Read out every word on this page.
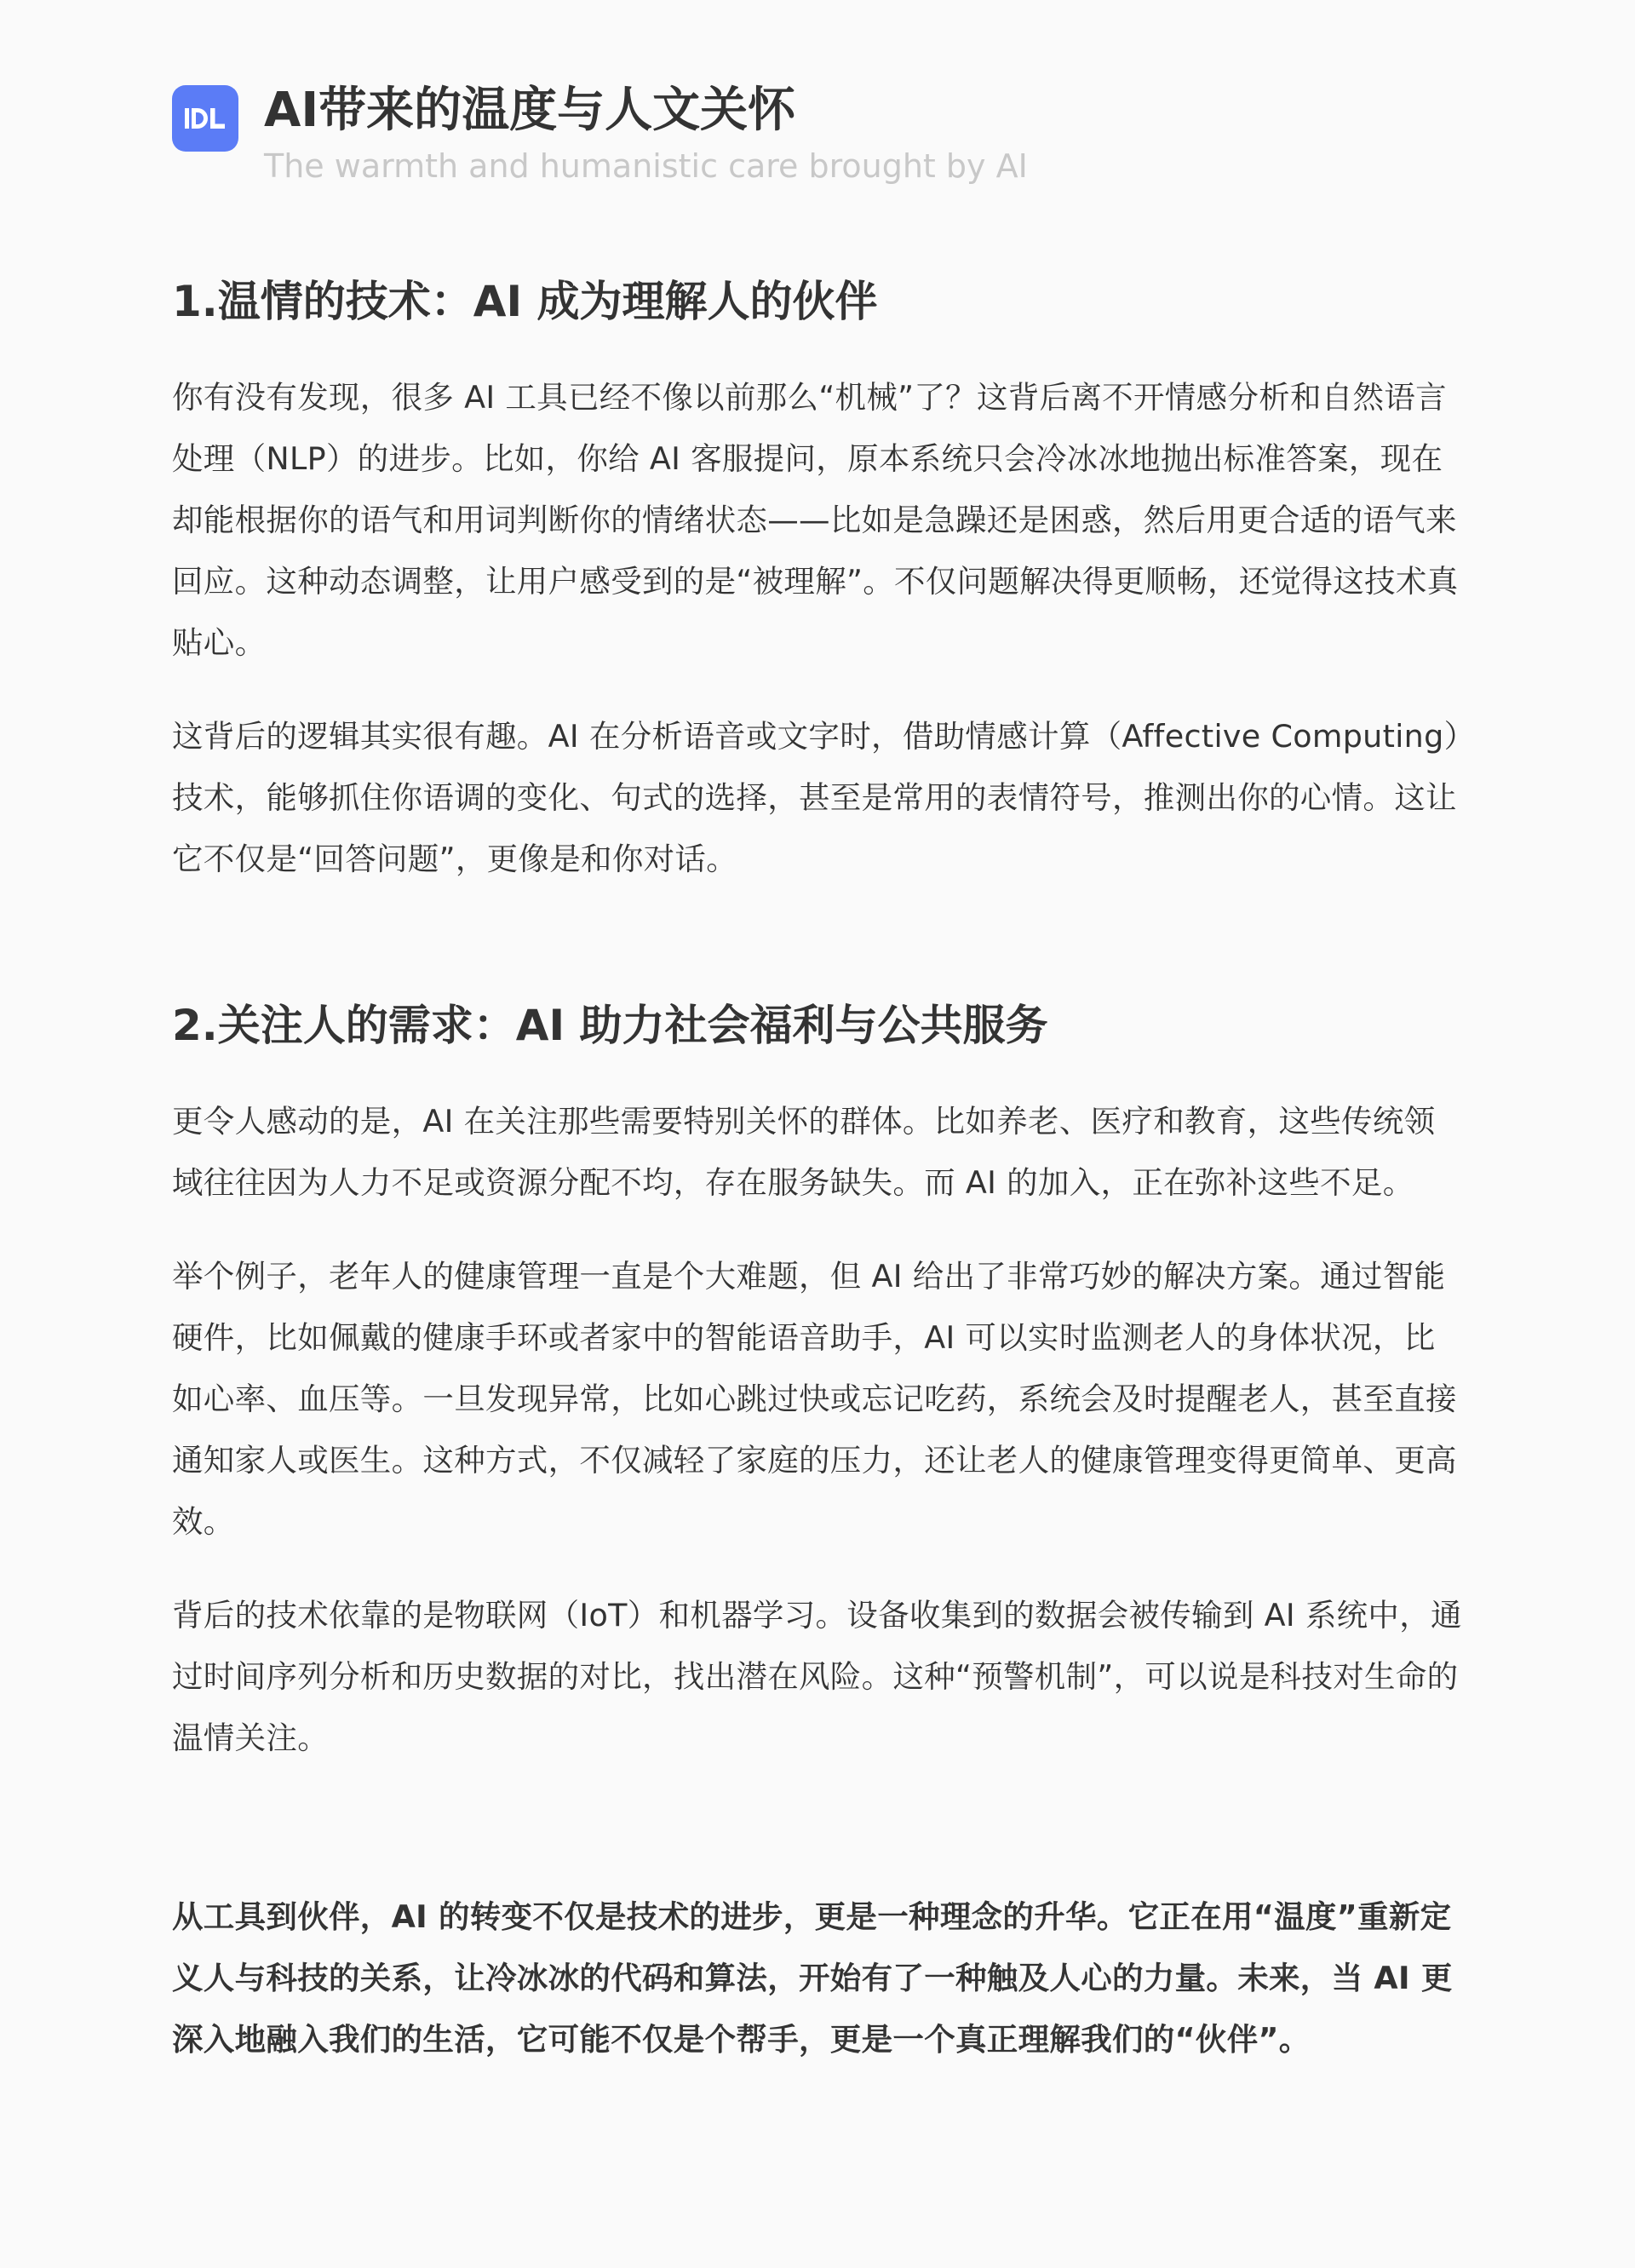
AI带来的温度与人文关怀

The warmth and humanistic care brought by AI

1.温情的技术：AI 成为理解人的伙伴

你有没有发现，很多 AI 工具已经不像以前那么“机械”了？这背后离不开情感分析和自然语言处理（NLP）的进步。比如，你给 AI 客服提问，原本系统只会冷冰冰地抛出标准答案，现在却能根据你的语气和用词判断你的情绪状态——比如是急躁还是困惑，然后用更合适的语气来回应。这种动态调整，让用户感受到的是“被理解”。不仅问题解决得更顺畅，还觉得这技术真贴心。

这背后的逻辑其实很有趣。AI 在分析语音或文字时，借助情感计算（Affective Computing）技术，能够抓住你语调的变化、句式的选择，甚至是常用的表情符号，推测出你的心情。这让它不仅是“回答问题”，更像是和你对话。

2.关注人的需求：AI 助力社会福利与公共服务

更令人感动的是，AI 在关注那些需要特别关怀的群体。比如养老、医疗和教育，这些传统领域往往因为人力不足或资源分配不均，存在服务缺失。而 AI 的加入，正在弥补这些不足。

举个例子，老年人的健康管理一直是个大难题，但 AI 给出了非常巧妙的解决方案。通过智能硬件，比如佩戴的健康手环或者家中的智能语音助手，AI 可以实时监测老人的身体状况，比如心率、血压等。一旦发现异常，比如心跳过快或忘记吃药，系统会及时提醒老人，甚至直接通知家人或医生。这种方式，不仅减轻了家庭的压力，还让老人的健康管理变得更简单、更高效。

背后的技术依靠的是物联网（IoT）和机器学习。设备收集到的数据会被传输到 AI 系统中，通过时间序列分析和历史数据的对比，找出潜在风险。这种“预警机制”，可以说是科技对生命的温情关注。

从工具到伙伴，AI 的转变不仅是技术的进步，更是一种理念的升华。它正在用“温度”重新定义人与科技的关系，让冷冰冰的代码和算法，开始有了一种触及人心的力量。未来，当 AI 更深入地融入我们的生活，它可能不仅是个帮手，更是一个真正理解我们的“伙伴”。
